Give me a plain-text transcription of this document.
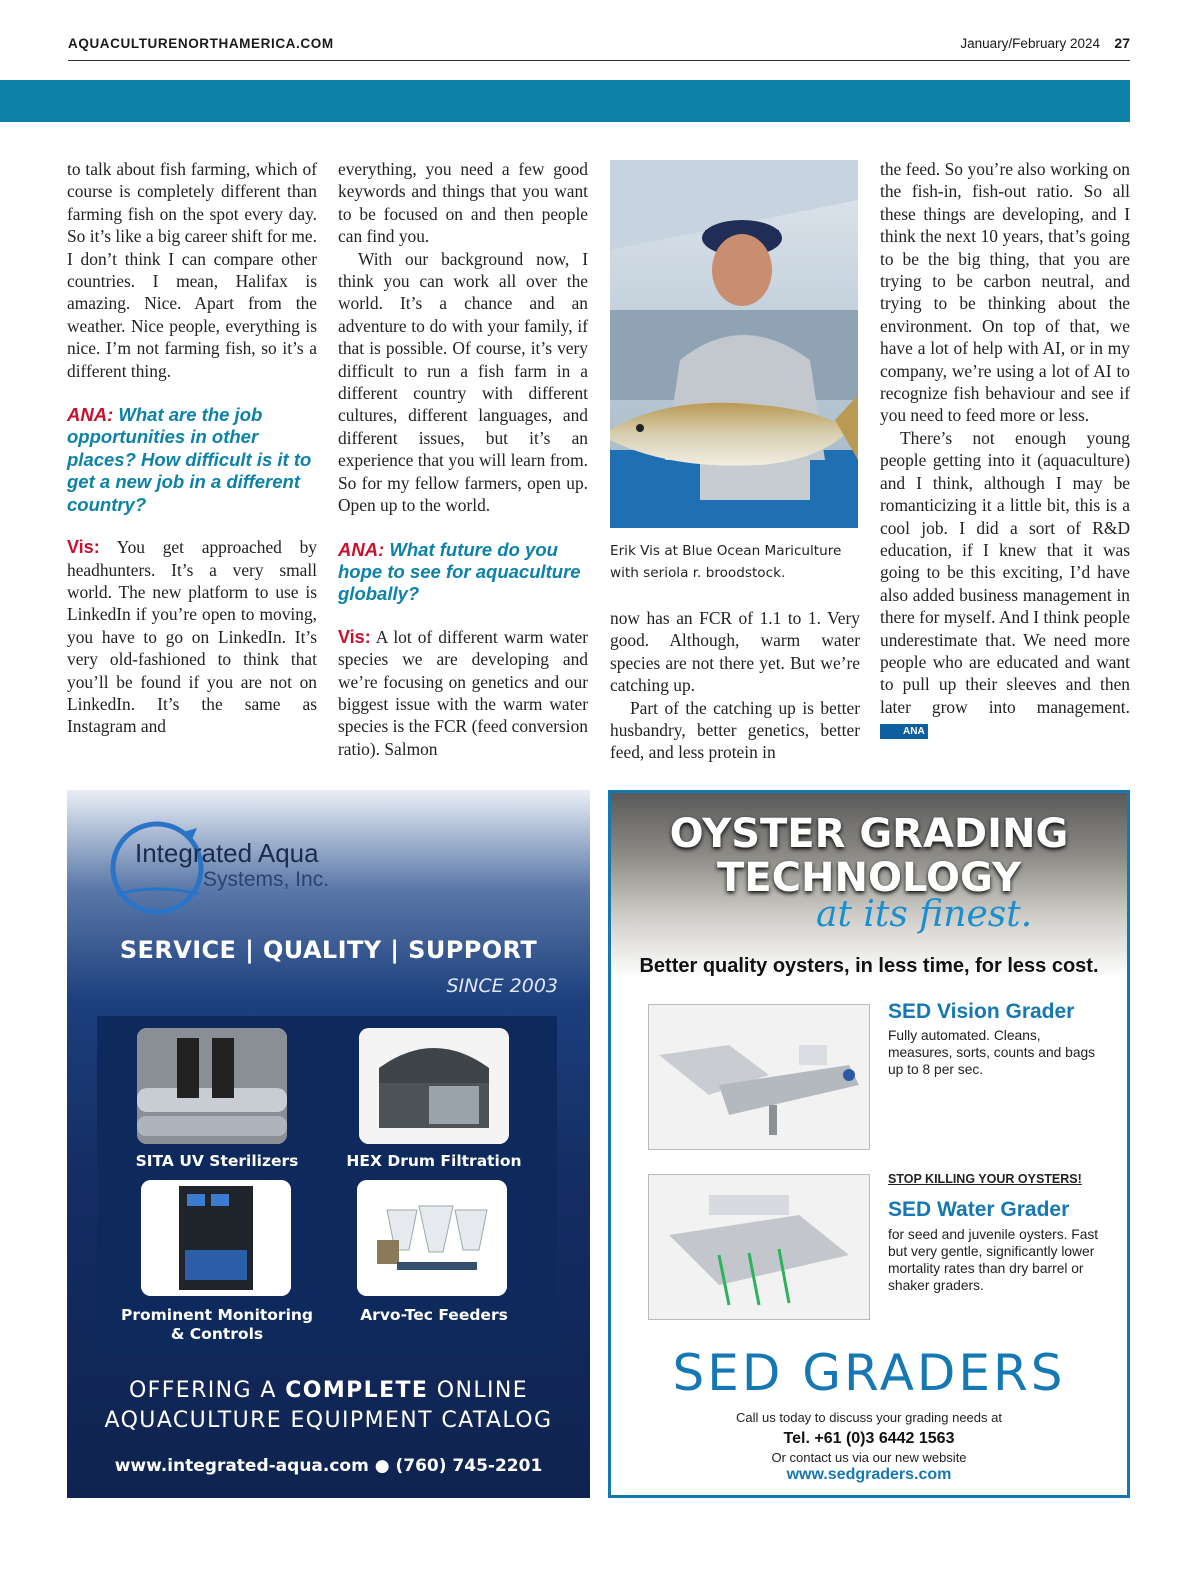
AQUACULTURENORTHAMERICA.COM	January/February 2024 27

to talk about fish farming, which of course is completely different than farming fish on the spot every day. So it’s like a big career shift for me. I don’t think I can compare other countries. I mean, Halifax is amazing. Nice. Apart from the weather. Nice people, everything is nice. I’m not farming fish, so it’s a different thing.

ANA: What are the job opportunities in other places? How difficult is it to get a new job in a different country?

Vis: You get approached by headhunters. It’s a very small world. The new platform to use is LinkedIn if you’re open to moving, you have to go on LinkedIn. It’s very old-fashioned to think that you’ll be found if you are not on LinkedIn. It’s the same as Instagram and

everything, you need a few good keywords and things that you want to be focused on and then people can find you.

With our background now, I think you can work all over the world. It’s a chance and an adventure to do with your family, if that is possible. Of course, it’s very difficult to run a fish farm in a different country with different cultures, different languages, and different issues, but it’s an experience that you will learn from. So for my fellow farmers, open up. Open up to the world.

ANA: What future do you hope to see for aquaculture globally?

Vis: A lot of different warm water species we are developing and we’re focusing on genetics and our biggest issue with the warm water species is the FCR (feed conversion ratio). Salmon

Erik Vis at Blue Ocean Mariculture with seriola r. broodstock.

now has an FCR of 1.1 to 1. Very good. Although, warm water species are not there yet. But we’re catching up.

Part of the catching up is better husbandry, better genetics, better feed, and less protein in

the feed. So you’re also working on the fish-in, fish-out ratio. So all these things are developing, and I think the next 10 years, that’s going to be the big thing, that you are trying to be carbon neutral, and trying to be thinking about the environment. On top of that, we have a lot of help with AI, or in my company, we’re using a lot of AI to recognize fish behaviour and see if you need to feed more or less.

There’s not enough young people getting into it (aquaculture) and I think, although I may be romanticizing it a little bit, this is a cool job. I did a sort of R&D education, if I knew that it was going to be this exciting, I’d have also added business management in there for myself. And I think people underestimate that. We need more people who are educated and want to pull up their sleeves and then later grow into management. ANA

Integrated Aqua
Systems, Inc.
SERVICE | QUALITY | SUPPORT
SINCE 2003
SITA UV Sterilizers	HEX Drum Filtration
Prominent Monitoring & Controls
Arvo-Tec Feeders
OFFERING A COMPLETE ONLINE
AQUACULTURE EQUIPMENT CATALOG
www.integrated-aqua.com ● (760) 745-2201
OYSTER GRADING
TECHNOLOGY
at its finest.
Better quality oysters, in less time, for less cost.
SED Vision Grader
Fully automated. Cleans, measures, sorts, counts and bags up to 8 per sec.
STOP KILLING YOUR OYSTERS!
SED Water Grader
for seed and juvenile oysters. Fast but very gentle, significantly lower mortality rates than dry barrel or shaker graders.
SED GRADERS
Call us today to discuss your grading needs at
Tel. +61 (0)3 6442 1563
Or contact us via our new website
www.sedgraders.com
